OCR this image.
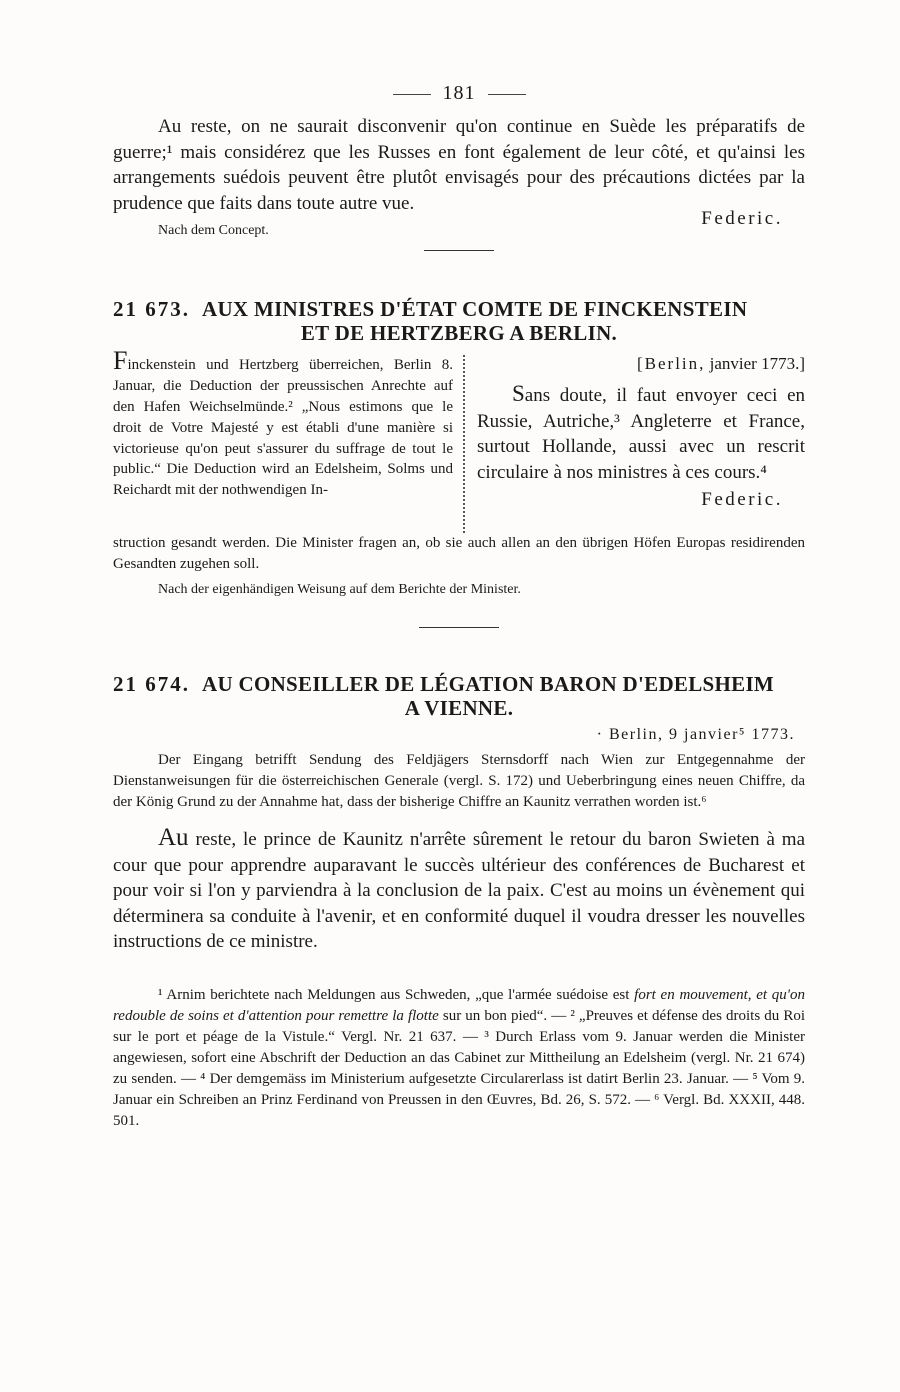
181

Au reste, on ne saurait disconvenir qu'on continue en Suède les préparatifs de guerre;¹ mais considérez que les Russes en font également de leur côté, et qu'ainsi les arrangements suédois peuvent être plutôt envisagés pour des précautions dictées par la prudence que faits dans toute autre vue.

Nach dem Concept.

Federic.
21 673. AUX MINISTRES D'ÉTAT COMTE DE FINCKENSTEIN
ET DE HERTZBERG A BERLIN.
Finckenstein und Hertzberg überreichen, Berlin 8. Januar, die Deduction der preussischen Anrechte auf den Hafen Weichselmünde.² „Nous estimons que le droit de Votre Majesté y est établi d'une manière si victorieuse qu'on peut s'assurer du suffrage de tout le public.“ Die Deduction wird an Edelsheim, Solms und Reichardt mit der nothwendigen In-
[Berlin, janvier 1773.]
Sans doute, il faut envoyer ceci en Russie, Autriche,³ Angleterre et France, surtout Hollande, aussi avec un rescrit circulaire à nos ministres à ces cours.⁴
Federic.

struction gesandt werden. Die Minister fragen an, ob sie auch allen an den übrigen Höfen Europas residirenden Gesandten zugehen soll.

Nach der eigenhändigen Weisung auf dem Berichte der Minister.

21 674. AU CONSEILLER DE LÉGATION BARON D'EDELSHEIM
A VIENNE.
· Berlin, 9 janvier⁵ 1773.

Der Eingang betrifft Sendung des Feldjägers Sternsdorff nach Wien zur Entgegennahme der Dienstanweisungen für die österreichischen Generale (vergl. S. 172) und Ueberbringung eines neuen Chiffre, da der König Grund zu der Annahme hat, dass der bisherige Chiffre an Kaunitz verrathen worden ist.⁶

Au reste, le prince de Kaunitz n'arrête sûrement le retour du baron Swieten à ma cour que pour apprendre auparavant le succès ultérieur des conférences de Bucharest et pour voir si l'on y parviendra à la conclusion de la paix. C'est au moins un évènement qui déterminera sa conduite à l'avenir, et en conformité duquel il voudra dresser les nouvelles instructions de ce ministre.

¹ Arnim berichtete nach Meldungen aus Schweden, „que l'armée suédoise est fort en mouvement, et qu'on redouble de soins et d'attention pour remettre la flotte sur un bon pied“. — ² „Preuves et défense des droits du Roi sur le port et péage de la Vistule.“ Vergl. Nr. 21 637. — ³ Durch Erlass vom 9. Januar werden die Minister angewiesen, sofort eine Abschrift der Deduction an das Cabinet zur Mittheilung an Edelsheim (vergl. Nr. 21 674) zu senden. — ⁴ Der demgemäss im Ministerium aufgesetzte Circularerlass ist datirt Berlin 23. Januar. — ⁵ Vom 9. Januar ein Schreiben an Prinz Ferdinand von Preussen in den Œuvres, Bd. 26, S. 572. — ⁶ Vergl. Bd. XXXII, 448. 501.
